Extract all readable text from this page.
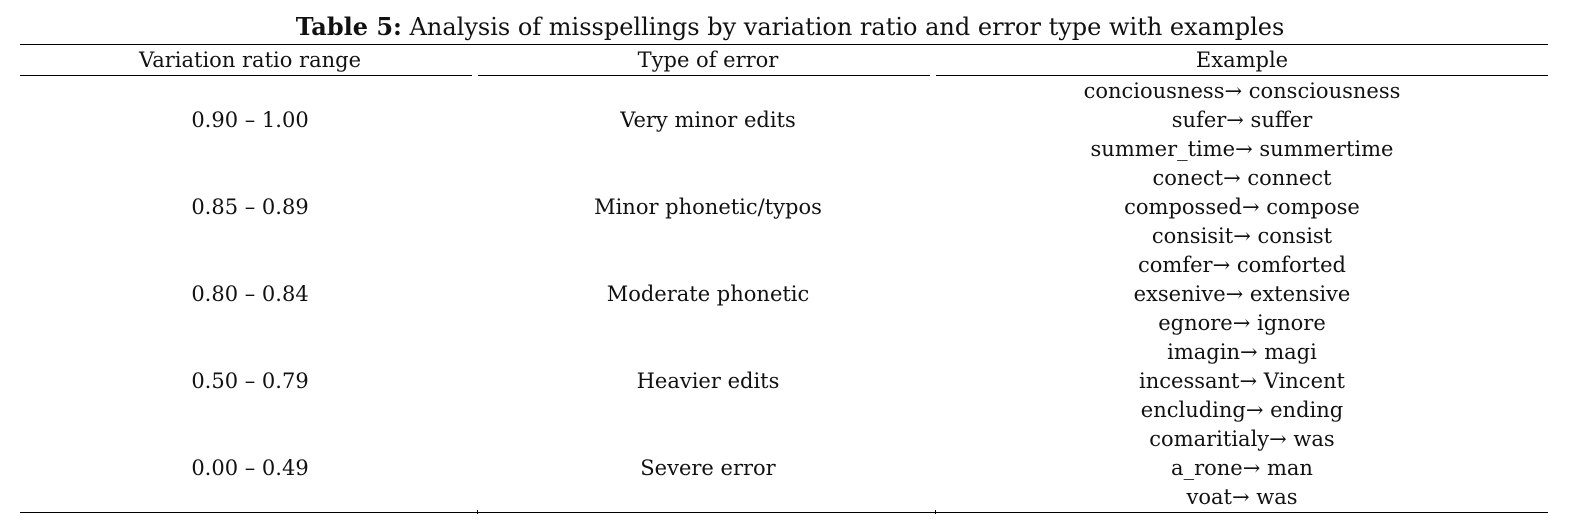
Table 5: Analysis of misspellings by variation ratio and error type with examples
Variation ratio range	Type of error	Example
0.90 – 1.00	Very minor edits
conciousness→ consciousness
sufer→ suffer
summer_time→ summertime
0.85 – 0.89	Minor phonetic/typos
conect→ connect
compossed→ compose
consisit→ consist
0.80 – 0.84	Moderate phonetic
comfer→ comforted
exsenive→ extensive
egnore→ ignore
0.50 – 0.79	Heavier edits
imagin→ magi
incessant→ Vincent
encluding→ ending
0.00 – 0.49	Severe error
comaritialy→ was
a_rone→ man
voat→ was
